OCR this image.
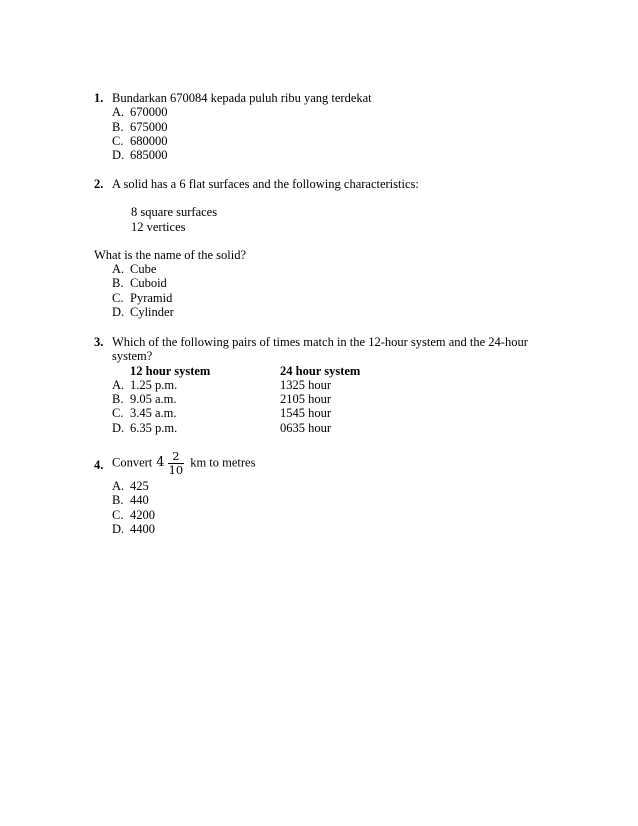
1. Bundarkan 670084 kepada puluh ribu yang terdekat
A. 670000
B. 675000
C. 680000
D. 685000
2. A solid has a 6 flat surfaces and the following characteristics:
8 square surfaces
12 vertices
What is the name of the solid?
A. Cube
B. Cuboid
C. Pyramid
D. Cylinder
3. Which of the following pairs of times match in the 12-hour system and the 24-hour system?
12 hour system	24 hour system
A. 1.25 p.m.	1325 hour
B. 9.05 a.m.	2105 hour
C. 3.45 a.m.	1545 hour
D. 6.35 p.m.	0635 hour
4. Convert $4 \frac{2}{10}$ km to metres
A. 425
B. 440
C. 4200
D. 4400
